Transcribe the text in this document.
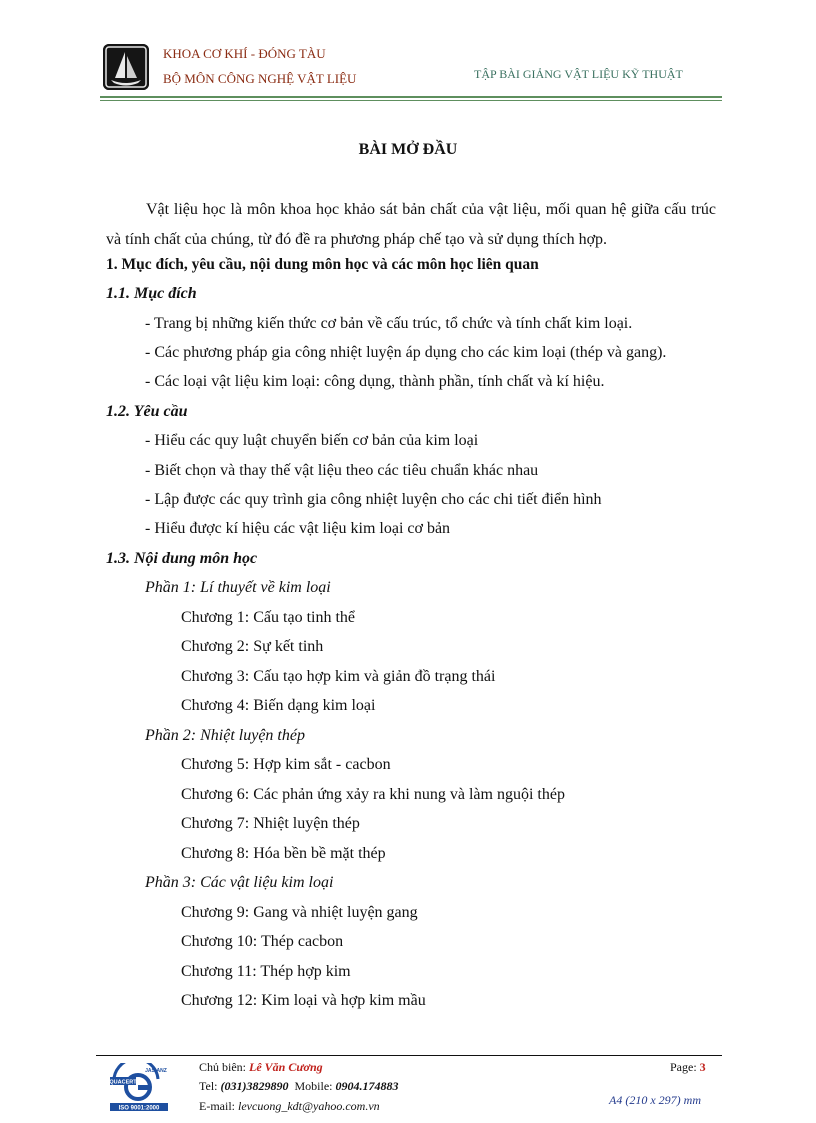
KHOA CƠ KHÍ - ĐÓNG TÀU
BỘ MÔN CÔNG NGHỆ VẬT LIỆU	TẬP BÀI GIẢNG VẬT LIỆU KỸ THUẬT
BÀI MỞ ĐẦU
Vật liệu học là môn khoa học khảo sát bản chất của vật liệu, mối quan hệ giữa cấu trúc và tính chất của chúng, từ đó đề ra phương pháp chế tạo và sử dụng thích hợp.
1. Mục đích, yêu cầu, nội dung môn học và các môn học liên quan
1.1. Mục đích
- Trang bị những kiến thức cơ bản về cấu trúc, tổ chức và tính chất kim loại.
- Các phương pháp gia công nhiệt luyện áp dụng cho các kim loại (thép và gang).
- Các loại vật liệu kim loại: công dụng, thành phần, tính chất và kí hiệu.
1.2. Yêu cầu
- Hiểu các quy luật chuyển biến cơ bản của kim loại
- Biết chọn và thay thế vật liệu theo các tiêu chuẩn khác nhau
- Lập được các quy trình gia công nhiệt luyện cho các chi tiết điển hình
- Hiểu được kí hiệu các vật liệu kim loại cơ bản
1.3. Nội dung môn học
Phần 1: Lí thuyết về kim loại
Chương 1: Cấu tạo tinh thể
Chương 2: Sự kết tinh
Chương 3: Cấu tạo hợp kim và giản đồ trạng thái
Chương 4: Biến dạng kim loại
Phần 2: Nhiệt luyện thép
Chương 5: Hợp kim sắt - cacbon
Chương 6: Các phản ứng xảy ra khi nung và làm nguội thép
Chương 7: Nhiệt luyện thép
Chương 8: Hóa bền bề mặt thép
Phần 3: Các vật liệu kim loại
Chương 9: Gang và nhiệt luyện gang
Chương 10: Thép cacbon
Chương 11: Thép hợp kim
Chương 12: Kim loại và hợp kim mầu
QUACERT
JAS-ANZ
ISO 9001:2000
Chủ biên: Lê Văn Cương
Tel: (031)3829890  Mobile: 0904.174883
E-mail: levcuong_kdt@yahoo.com.vn
Page: 3
A4 (210 x 297) mm
